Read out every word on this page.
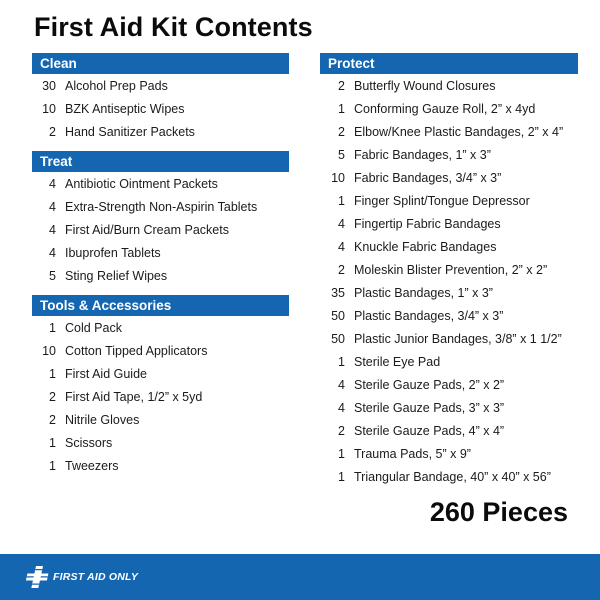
First Aid Kit Contents
Clean
30 Alcohol Prep Pads
10 BZK Antiseptic Wipes
2 Hand Sanitizer Packets
Treat
4 Antibiotic Ointment Packets
4 Extra-Strength Non-Aspirin Tablets
4 First Aid/Burn Cream Packets
4 Ibuprofen Tablets
5 Sting Relief Wipes
Tools & Accessories
1 Cold Pack
10 Cotton Tipped Applicators
1 First Aid Guide
2 First Aid Tape, 1/2” x 5yd
2 Nitrile Gloves
1 Scissors
1 Tweezers
Protect
2 Butterfly Wound Closures
1 Conforming Gauze Roll, 2” x 4yd
2 Elbow/Knee Plastic Bandages, 2” x 4”
5 Fabric Bandages, 1” x 3”
10 Fabric Bandages, 3/4” x 3”
1 Finger Splint/Tongue Depressor
4 Fingertip Fabric Bandages
4 Knuckle Fabric Bandages
2 Moleskin Blister Prevention, 2” x 2”
35 Plastic Bandages, 1” x 3”
50 Plastic Bandages, 3/4” x 3”
50 Plastic Junior Bandages, 3/8” x 1 1/2”
1 Sterile Eye Pad
4 Sterile Gauze Pads, 2” x 2”
4 Sterile Gauze Pads, 3” x 3”
2 Sterile Gauze Pads, 4” x 4”
1 Trauma Pads, 5” x 9”
1 Triangular Bandage, 40” x 40” x 56”
260 Pieces
FIRST AID ONLY
